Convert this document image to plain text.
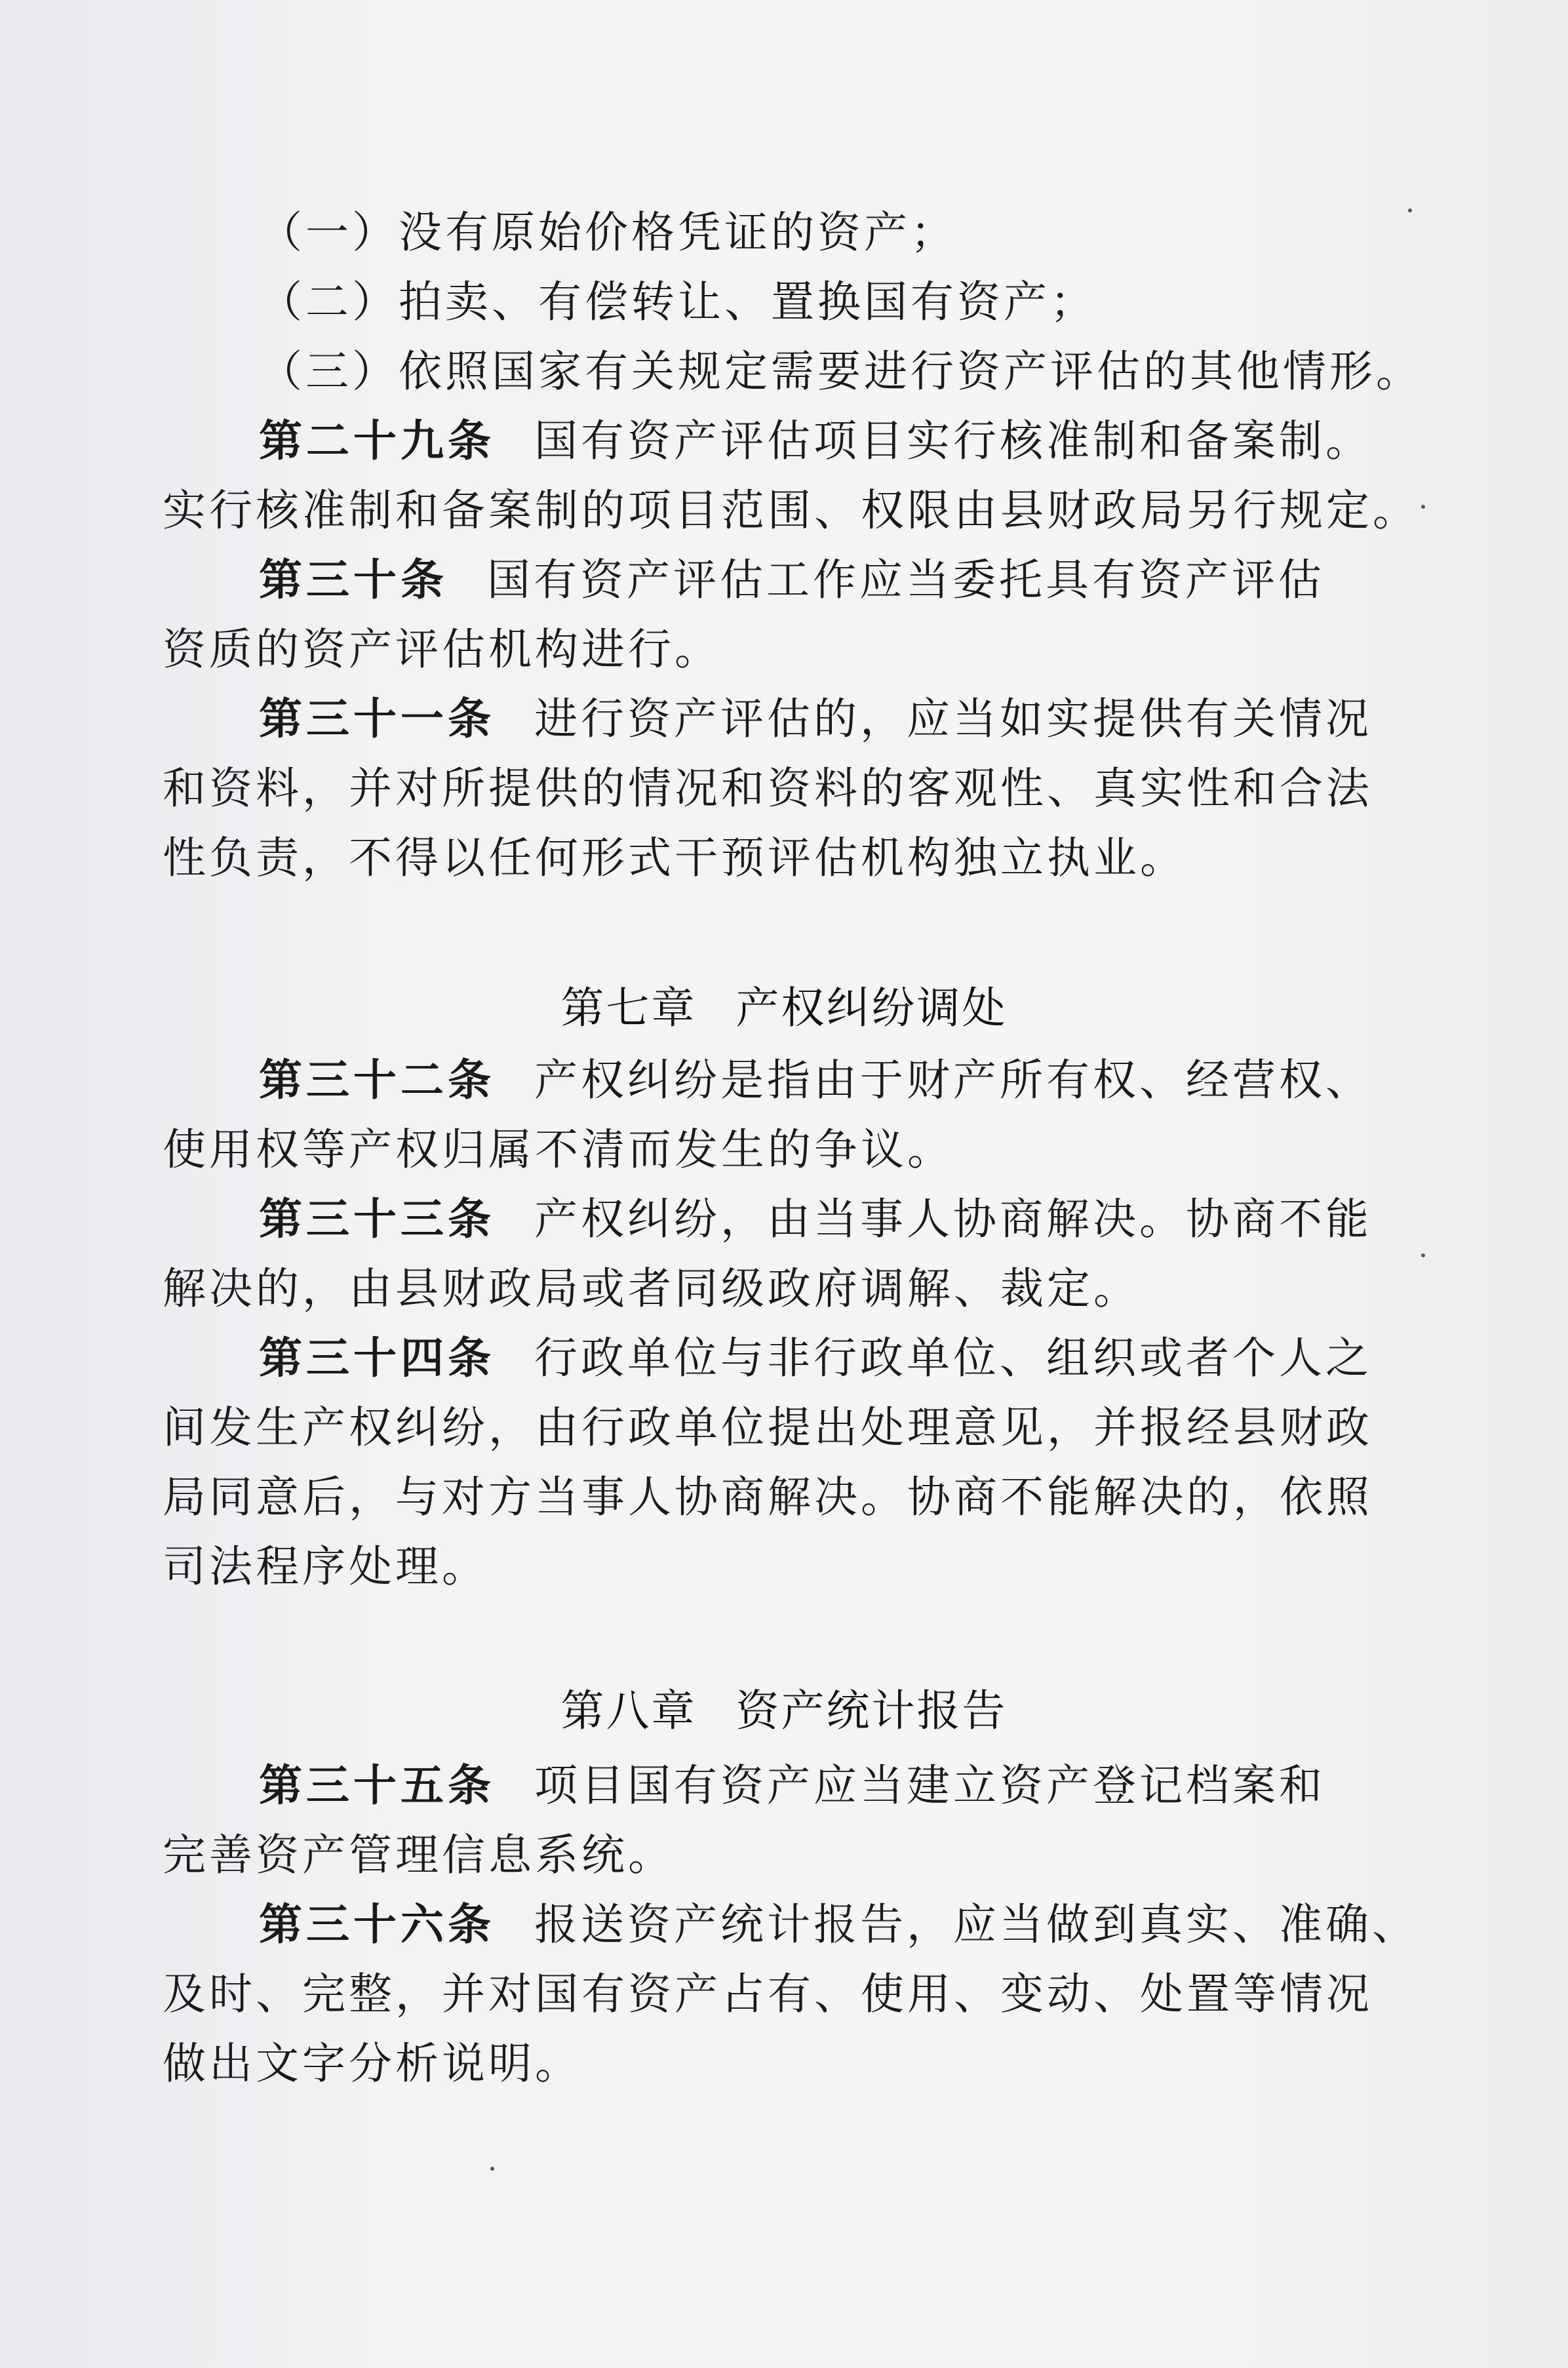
（一）没有原始价格凭证的资产；
（二）拍卖、有偿转让、置换国有资产；
（三）依照国家有关规定需要进行资产评估的其他情形。
第二十九条 国有资产评估项目实行核准制和备案制。
实行核准制和备案制的项目范围、权限由县财政局另行规定。
第三十条 国有资产评估工作应当委托具有资产评估
资质的资产评估机构进行。
第三十一条 进行资产评估的，应当如实提供有关情况
和资料，并对所提供的情况和资料的客观性、真实性和合法
性负责，不得以任何形式干预评估机构独立执业。
第七章 产权纠纷调处
第三十二条 产权纠纷是指由于财产所有权、经营权、
使用权等产权归属不清而发生的争议。
第三十三条 产权纠纷，由当事人协商解决。协商不能
解决的，由县财政局或者同级政府调解、裁定。
第三十四条 行政单位与非行政单位、组织或者个人之
间发生产权纠纷，由行政单位提出处理意见，并报经县财政
局同意后，与对方当事人协商解决。协商不能解决的，依照
司法程序处理。
第八章 资产统计报告
第三十五条 项目国有资产应当建立资产登记档案和
完善资产管理信息系统。
第三十六条 报送资产统计报告，应当做到真实、准确、
及时、完整，并对国有资产占有、使用、变动、处置等情况
做出文字分析说明。
